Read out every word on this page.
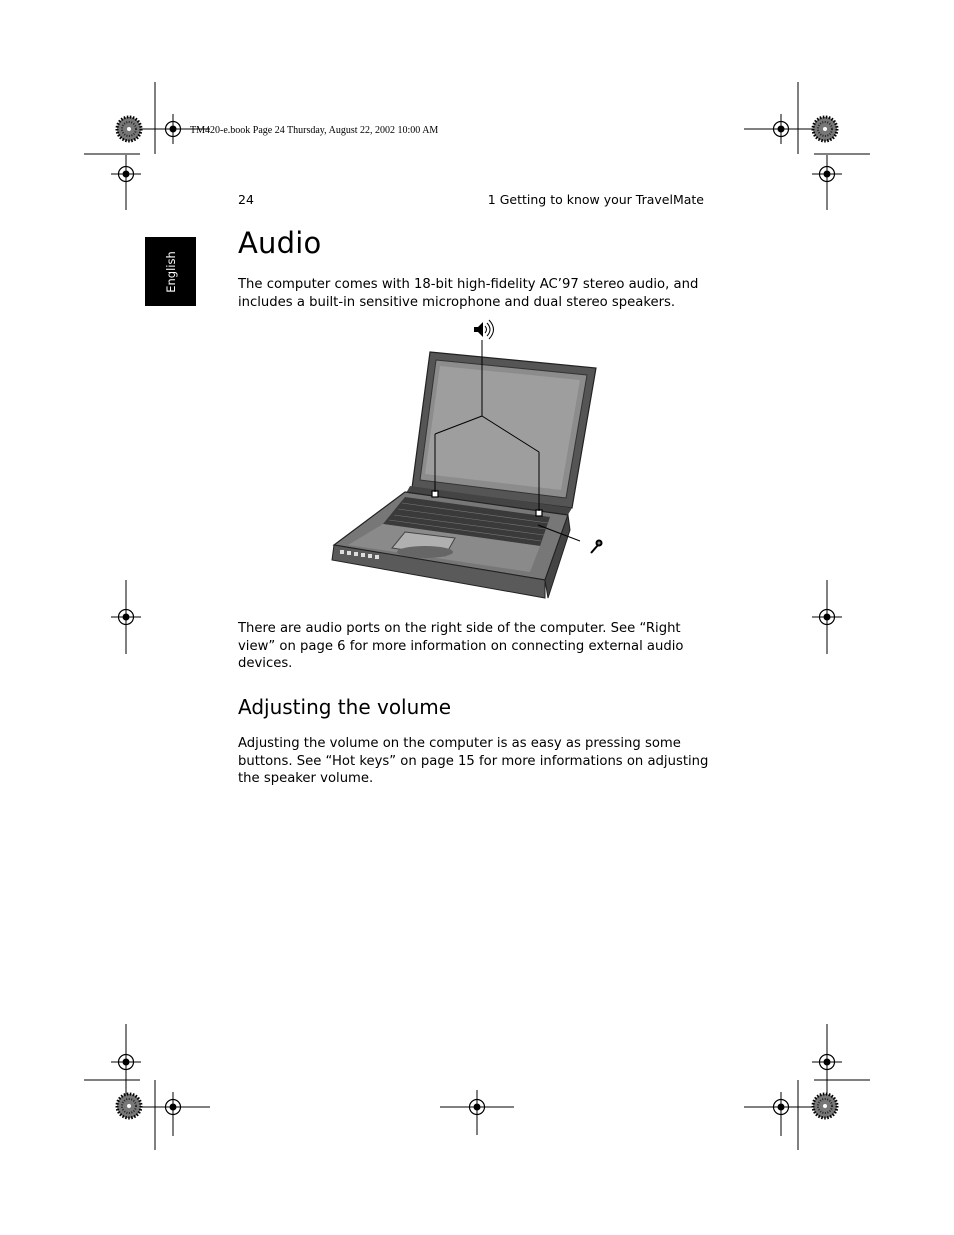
TM420-e.book Page 24 Thursday, August 22, 2002 10:00 AM
24	1 Getting to know your TravelMate
English
Audio

The computer comes with 18-bit high-fidelity AC’97 stereo audio, and includes a built-in sensitive microphone and dual stereo speakers.

There are audio ports on the right side of the computer. See “Right view” on page 6 for more information on connecting external audio devices.

Adjusting the volume

Adjusting the volume on the computer is as easy as pressing some buttons. See “Hot keys” on page 15 for more informations on adjusting the speaker volume.
